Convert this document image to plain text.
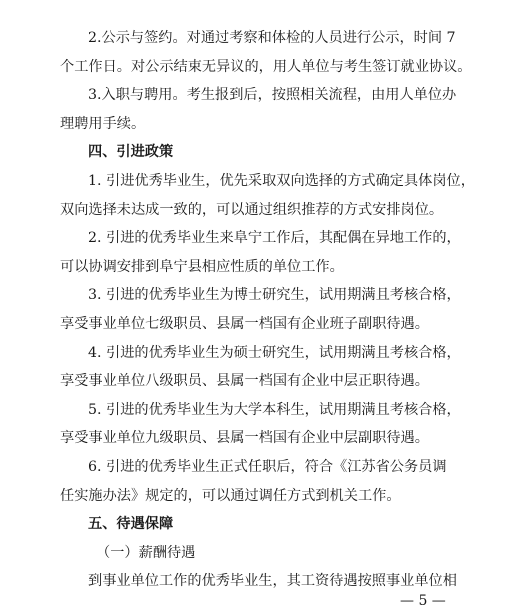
2.公示与签约。对通过考察和体检的人员进行公示，时间 7
个工作日。对公示结束无异议的，用人单位与考生签订就业协议。
3.入职与聘用。考生报到后，按照相关流程，由用人单位办
理聘用手续。
四、引进政策
1. 引进优秀毕业生，优先采取双向选择的方式确定具体岗位，
双向选择未达成一致的，可以通过组织推荐的方式安排岗位。
2. 引进的优秀毕业生来阜宁工作后，其配偶在异地工作的，
可以协调安排到阜宁县相应性质的单位工作。
3. 引进的优秀毕业生为博士研究生，试用期满且考核合格，
享受事业单位七级职员、县属一档国有企业班子副职待遇。
4. 引进的优秀毕业生为硕士研究生，试用期满且考核合格，
享受事业单位八级职员、县属一档国有企业中层正职待遇。
5. 引进的优秀毕业生为大学本科生，试用期满且考核合格，
享受事业单位九级职员、县属一档国有企业中层副职待遇。
6. 引进的优秀毕业生正式任职后，符合《江苏省公务员调
任实施办法》规定的，可以通过调任方式到机关工作。
五、待遇保障
（一）薪酬待遇
到事业单位工作的优秀毕业生，其工资待遇按照事业单位相
— 5 —
